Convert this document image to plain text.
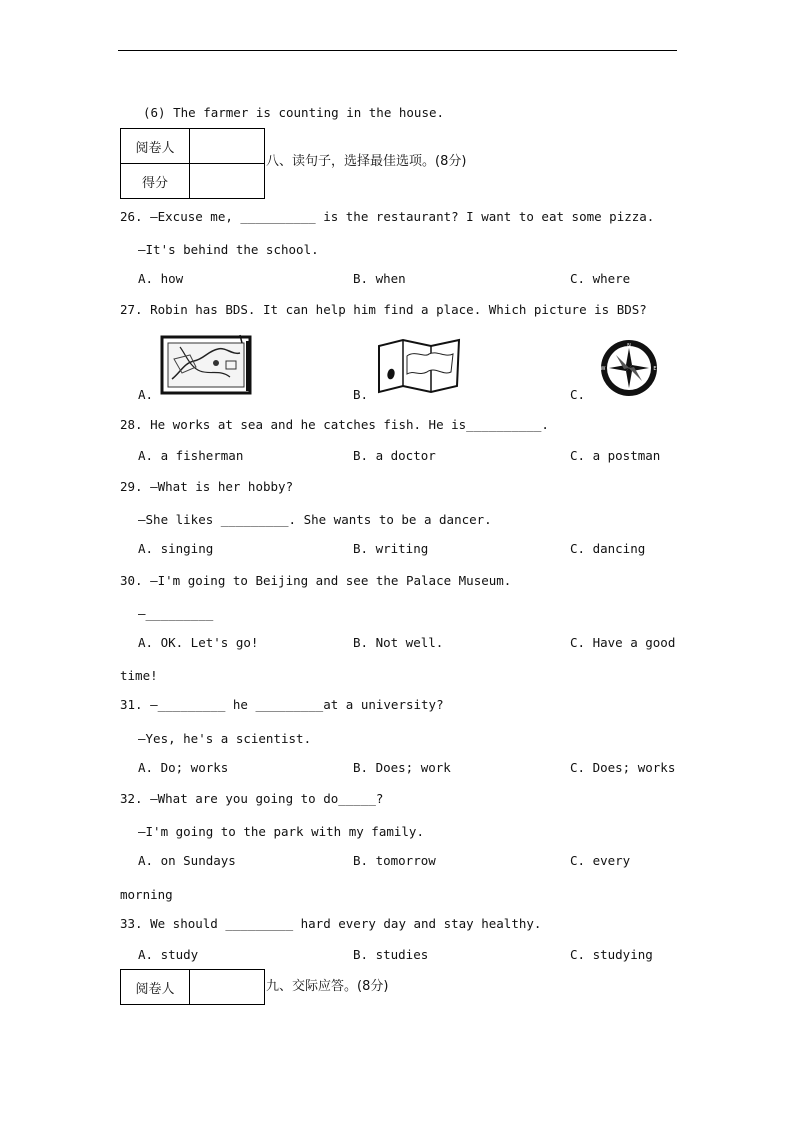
(6) The farmer is counting in the house.
阅卷人	
得分	
八、读句子，选择最佳选项。(8分)
26. —Excuse me, __________ is the restaurant? I want to eat some pizza.
—It's behind the school.
A. how	B. when	C. where
27. Robin has BDS. It can help him find a place. Which picture is BDS?
A.	B.	C.
N
W	E
28. He works at sea and he catches fish. He is__________.
A. a fisherman	B. a doctor	C. a postman
29. —What is her hobby?
—She likes _________. She wants to be a dancer.
A. singing	B. writing	C. dancing
30. —I'm going to Beijing and see the Palace Museum.
—_________
A. OK. Let's go!	B. Not well.	C. Have a good
time!
31. —_________ he _________at a university?
—Yes, he's a scientist.
A. Do; works	B. Does; work	C. Does; works
32. —What are you going to do_____?
—I'm going to the park with my family.
A. on Sundays	B. tomorrow	C. every
morning
33. We should _________ hard every day and stay healthy.
A. study	B. studies	C. studying
阅卷人		九、交际应答。(8分)
